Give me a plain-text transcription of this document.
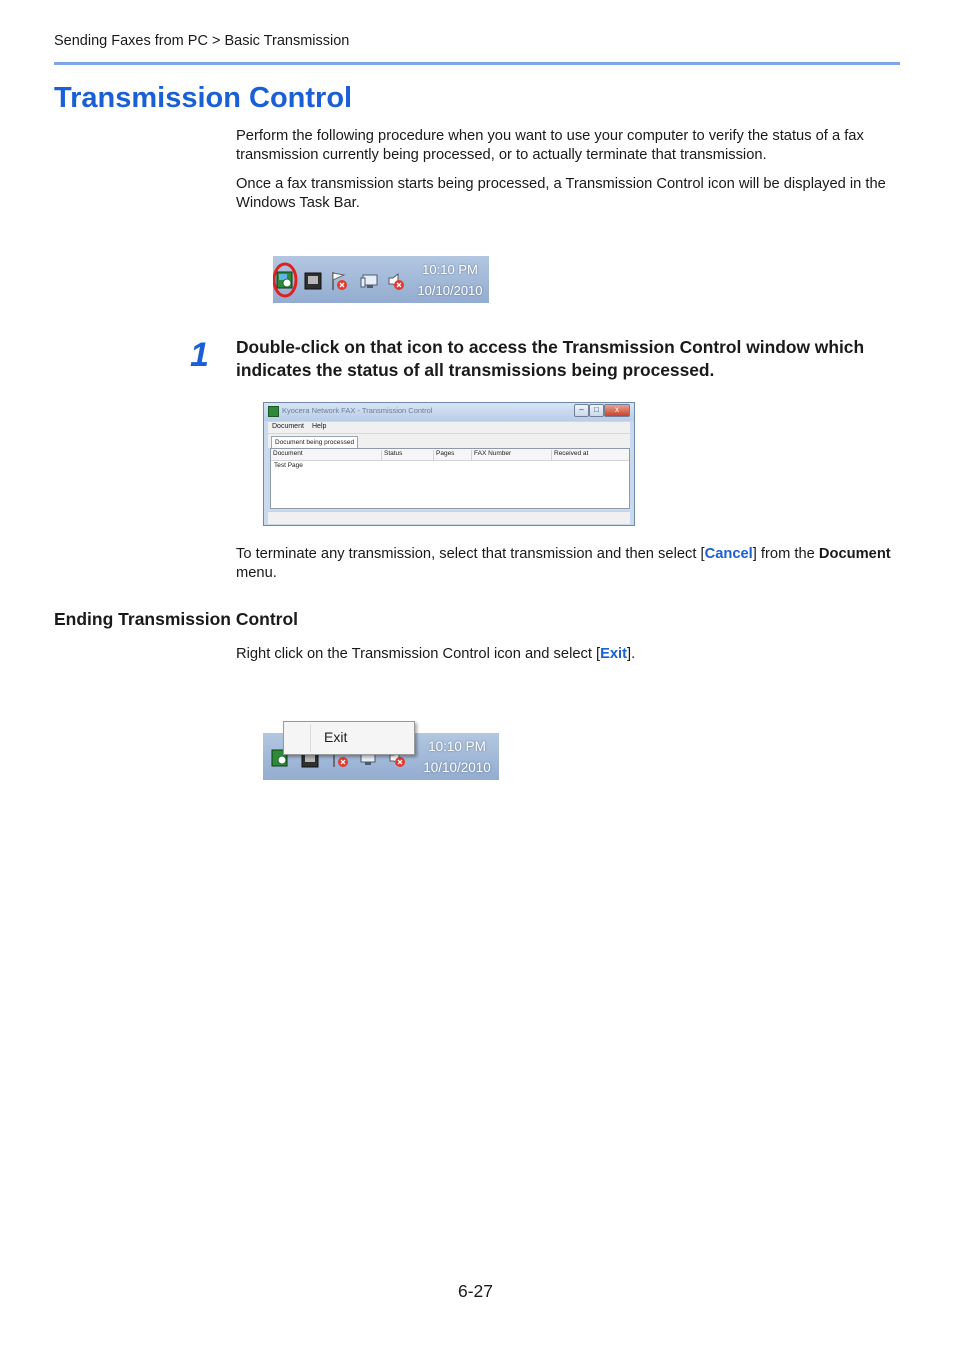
Sending Faxes from PC > Basic Transmission
Transmission Control
Perform the following procedure when you want to use your computer to verify the status of a fax transmission currently being processed, or to actually terminate that transmission.
Once a fax transmission starts being processed, a Transmission Control icon will be displayed in the Windows Task Bar.
10:10 PM
10/10/2010
1 Double-click on that icon to access the Transmission Control window which indicates the status of all transmissions being processed.
Kyocera Network FAX - Transmission Control	–	□	x
Document Help
Document being processed
Document	Status	Pages	FAX Number	Received at
Test Page
To terminate any transmission, select that transmission and then select [Cancel] from the Document menu.
Ending Transmission Control
Right click on the Transmission Control icon and select [Exit].
10:10 PM
10/10/2010
Exit
6-27
